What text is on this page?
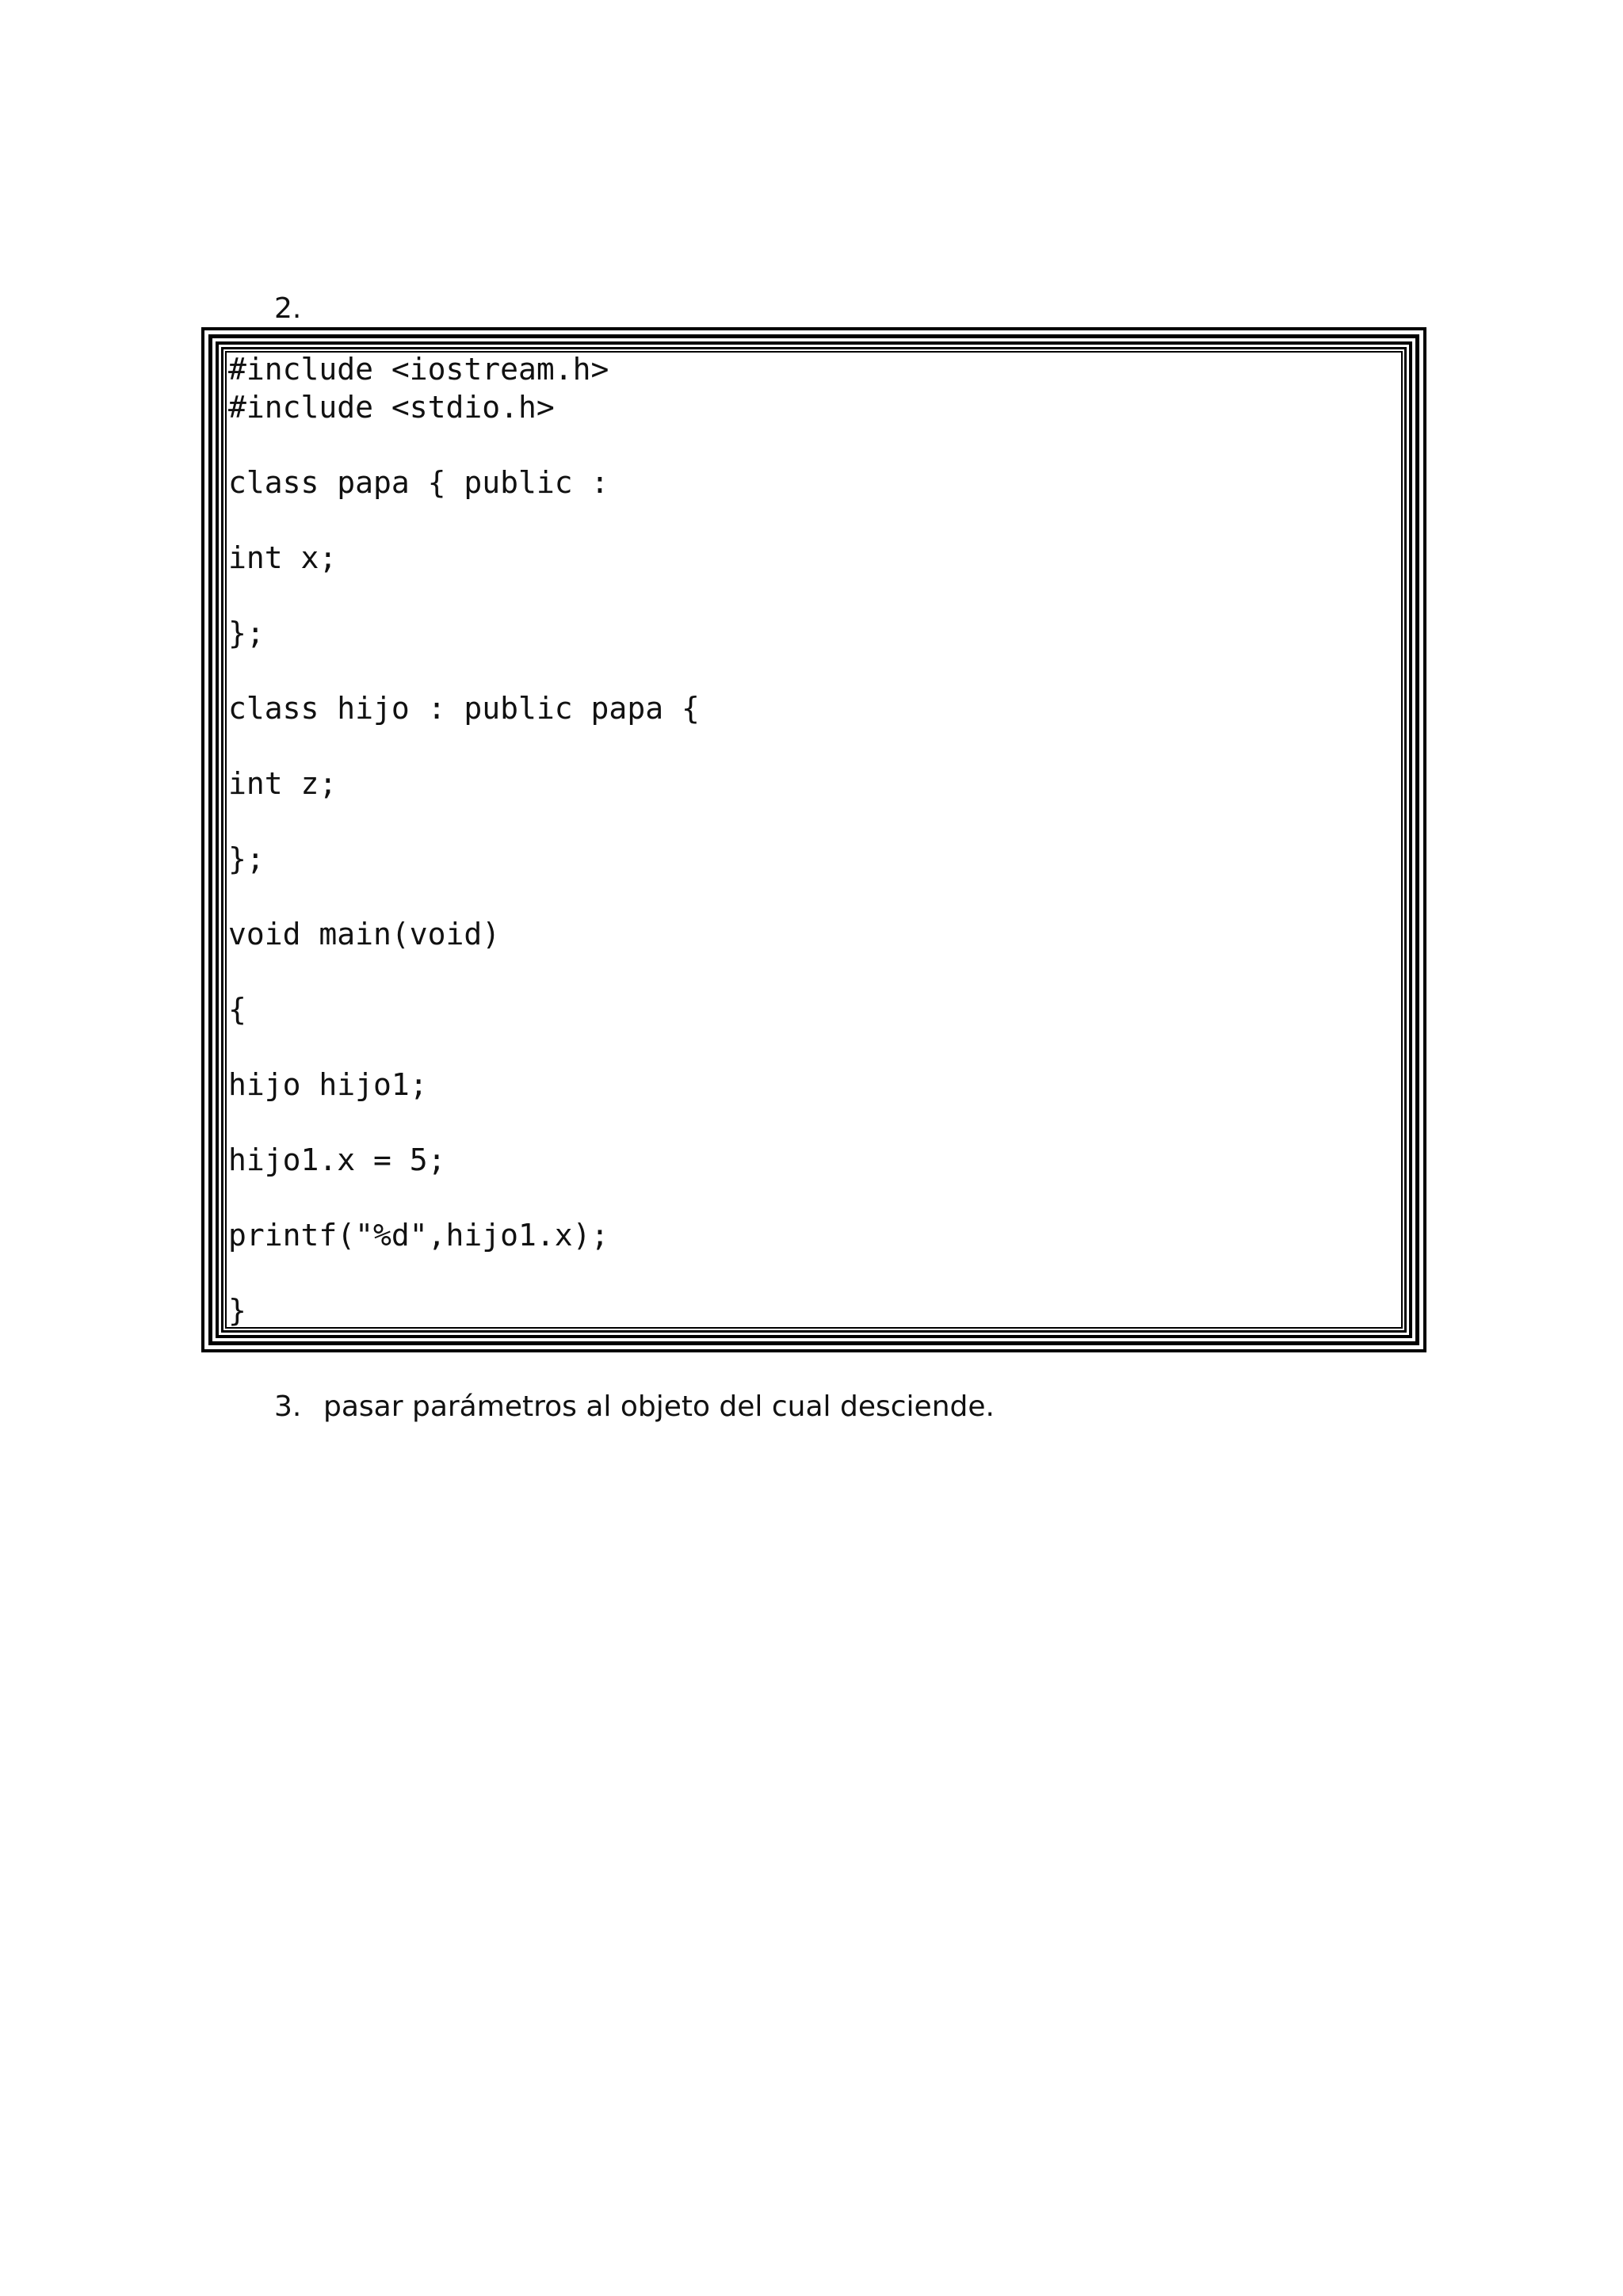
2.
#include <iostream.h>
#include <stdio.h>
class papa { public :
int x;
};
class hijo : public papa {
int z;
};
void main(void)
{
hijo hijo1;
hijo1.x = 5;
printf("%d",hijo1.x);
}
3. pasar parámetros al objeto del cual desciende.
